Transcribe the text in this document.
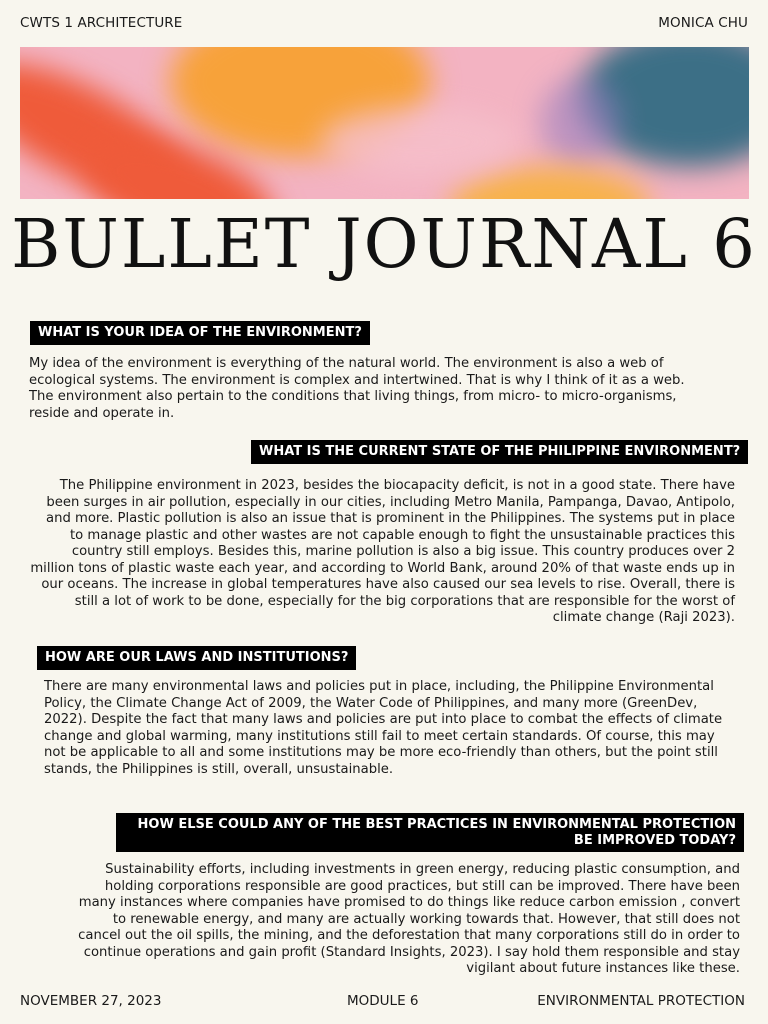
CWTS 1 ARCHITECTURE	MONICA CHU
BULLET JOURNAL 6
WHAT IS YOUR IDEA OF THE ENVIRONMENT?
My idea of the environment is everything of the natural world. The environment is also a web of ecological systems. The environment is complex and intertwined. That is why I think of it as a web. The environment also pertain to the conditions that living things, from micro- to micro-organisms, reside and operate in.
WHAT IS THE CURRENT STATE OF THE PHILIPPINE ENVIRONMENT?
The Philippine environment in 2023, besides the biocapacity deficit, is not in a good state. There have been surges in air pollution, especially in our cities, including Metro Manila, Pampanga, Davao, Antipolo, and more. Plastic pollution is also an issue that is prominent in the Philippines. The systems put in place to manage plastic and other wastes are not capable enough to fight the unsustainable practices this country still employs. Besides this, marine pollution is also a big issue. This country produces over 2 million tons of plastic waste each year, and according to World Bank, around 20% of that waste ends up in our oceans. The increase in global temperatures have also caused our sea levels to rise. Overall, there is still a lot of work to be done, especially for the big corporations that are responsible for the worst of climate change (Raji 2023).
HOW ARE OUR LAWS AND INSTITUTIONS?
There are many environmental laws and policies put in place, including, the Philippine Environmental Policy, the Climate Change Act of 2009, the Water Code of Philippines, and many more (GreenDev, 2022). Despite the fact that many laws and policies are put into place to combat the effects of climate change and global warming, many institutions still fail to meet certain standards. Of course, this may not be applicable to all and some institutions may be more eco-friendly than others, but the point still stands, the Philippines is still, overall, unsustainable.
HOW ELSE COULD ANY OF THE BEST PRACTICES IN ENVIRONMENTAL PROTECTION BE IMPROVED TODAY?
Sustainability efforts, including investments in green energy, reducing plastic consumption, and holding corporations responsible are good practices, but still can be improved. There have been many instances where companies have promised to do things like reduce carbon emission , convert to renewable energy, and many are actually working towards that. However, that still does not cancel out the oil spills, the mining, and the deforestation that many corporations still do in order to continue operations and gain profit (Standard Insights, 2023). I say hold them responsible and stay vigilant about future instances like these.
NOVEMBER 27, 2023	MODULE 6	ENVIRONMENTAL PROTECTION
